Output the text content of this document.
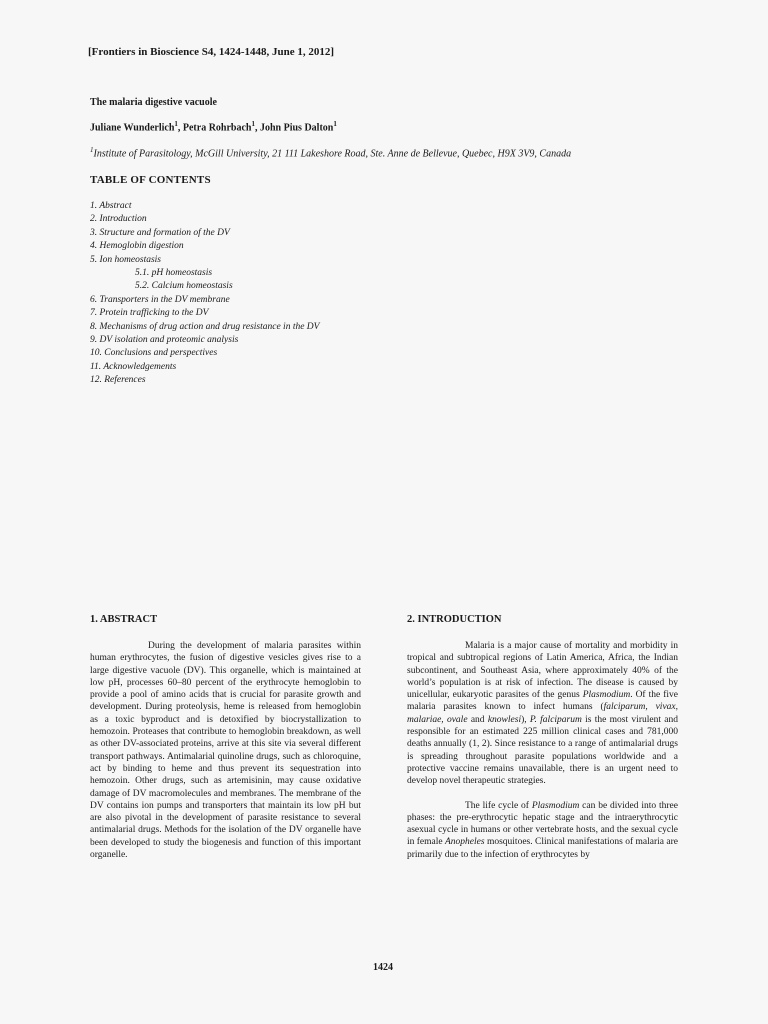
[Frontiers in Bioscience S4, 1424-1448, June 1, 2012]
The malaria digestive vacuole
Juliane Wunderlich$^1$, Petra Rohrbach$^1$, John Pius Dalton$^1$
$^1$Institute of Parasitology, McGill University, 21 111 Lakeshore Road, Ste. Anne de Bellevue, Quebec, H9X 3V9, Canada
TABLE OF CONTENTS
1. Abstract
2. Introduction
3. Structure and formation of the DV
4. Hemoglobin digestion
5. Ion homeostasis
5.1. pH homeostasis
5.2. Calcium homeostasis
6. Transporters in the DV membrane
7. Protein trafficking to the DV
8. Mechanisms of drug action and drug resistance in the DV
9. DV isolation and proteomic analysis
10. Conclusions and perspectives
11. Acknowledgements
12. References
1. ABSTRACT

During the development of malaria parasites within human erythrocytes, the fusion of digestive vesicles gives rise to a large digestive vacuole (DV). This organelle, which is maintained at low pH, processes 60–80 percent of the erythrocyte hemoglobin to provide a pool of amino acids that is crucial for parasite growth and development. During proteolysis, heme is released from hemoglobin as a toxic byproduct and is detoxified by biocrystallization to hemozoin. Proteases that contribute to hemoglobin breakdown, as well as other DV-associated proteins, arrive at this site via several different transport pathways. Antimalarial quinoline drugs, such as chloroquine, act by binding to heme and thus prevent its sequestration into hemozoin. Other drugs, such as artemisinin, may cause oxidative damage of DV macromolecules and membranes. The membrane of the DV contains ion pumps and transporters that maintain its low pH but are also pivotal in the development of parasite resistance to several antimalarial drugs. Methods for the isolation of the DV organelle have been developed to study the biogenesis and function of this important organelle.

2. INTRODUCTION

Malaria is a major cause of mortality and morbidity in tropical and subtropical regions of Latin America, Africa, the Indian subcontinent, and Southeast Asia, where approximately 40% of the world’s population is at risk of infection. The disease is caused by unicellular, eukaryotic parasites of the genus Plasmodium. Of the five malaria parasites known to infect humans (falciparum, vivax, malariae, ovale and knowlesi), P. falciparum is the most virulent and responsible for an estimated 225 million clinical cases and 781,000 deaths annually (1, 2). Since resistance to a range of antimalarial drugs is spreading throughout parasite populations worldwide and a protective vaccine remains unavailable, there is an urgent need to develop novel therapeutic strategies.

The life cycle of Plasmodium can be divided into three phases: the pre-erythrocytic hepatic stage and the intraerythrocytic asexual cycle in humans or other vertebrate hosts, and the sexual cycle in female Anopheles mosquitoes. Clinical manifestations of malaria are primarily due to the infection of erythrocytes by

1424
